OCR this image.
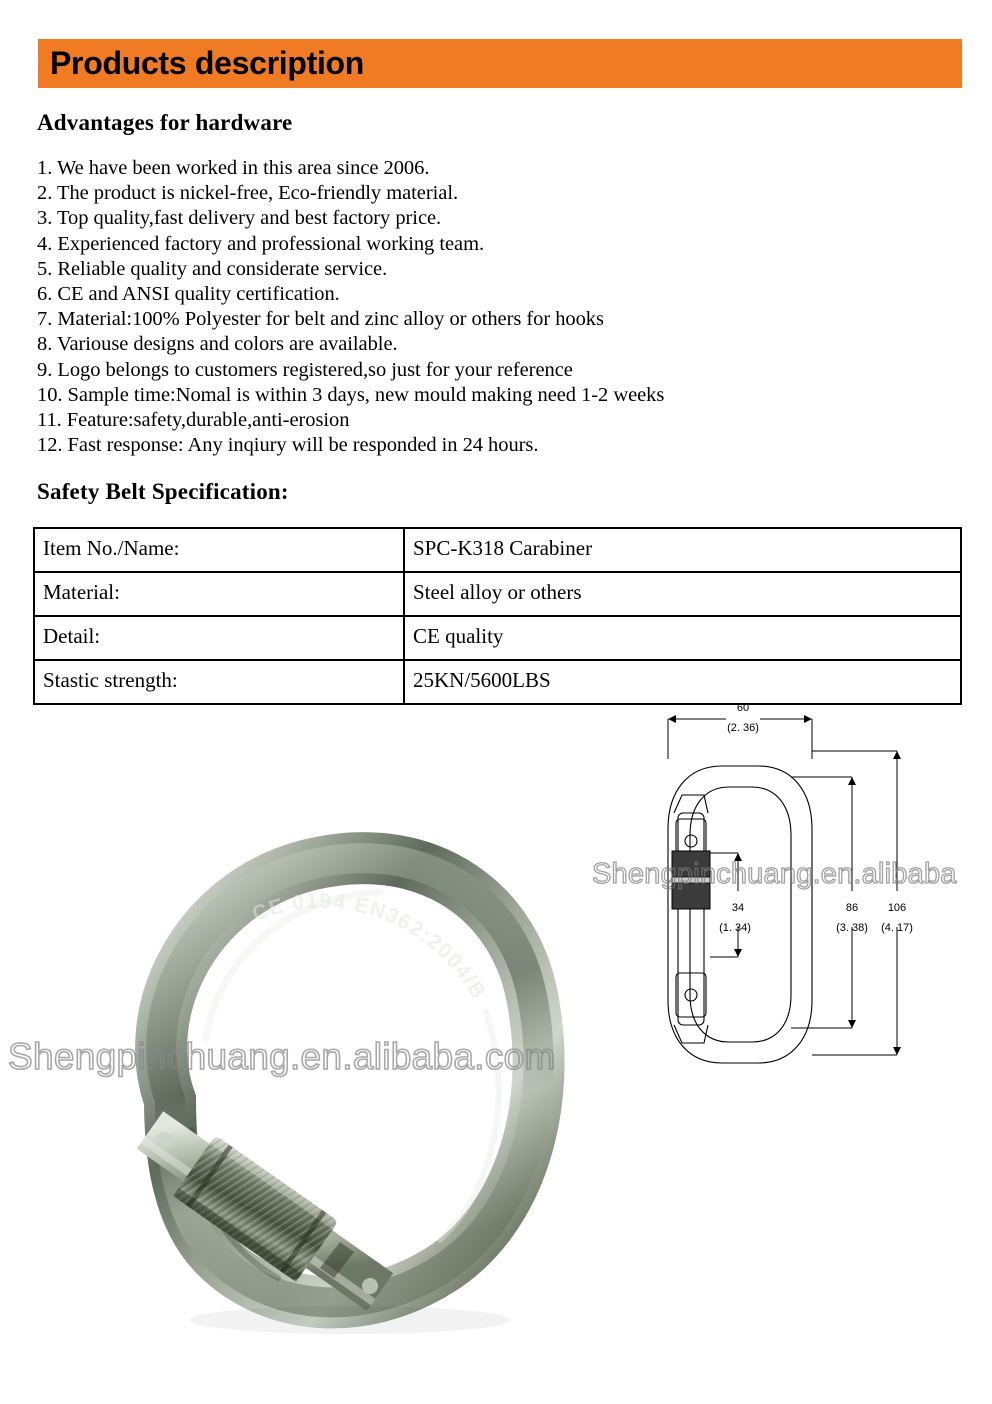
Products description
Advantages for hardware
1. We have been worked in this area since 2006.
2. The product is nickel-free, Eco-friendly material.
3. Top quality,fast delivery and best factory price.
4. Experienced factory and professional working team.
5. Reliable quality and considerate service.
6. CE and ANSI quality certification.
7. Material:100% Polyester for belt and zinc alloy or others for hooks
8. Variouse designs and colors are available.
9. Logo belongs to customers registered,so just for your reference
10. Sample time:Nomal is within 3 days, new mould making need 1-2 weeks
11. Feature:safety,durable,anti-erosion
12. Fast response: Any inqiury will be responded in 24 hours.
Safety Belt Specification:
Item No./Name:	SPC-K318 Carabiner
Material:	Steel alloy or others
Detail:	CE quality
Stastic strength:	25KN/5600LBS
CE 0194 EN362:2004/B
Shengpinchuang.en.alibaba.com
60
(2. 36)
34
(1. 34)
86
(3. 38)
106
(4. 17)
Shengpinchuang.en.alibaba
